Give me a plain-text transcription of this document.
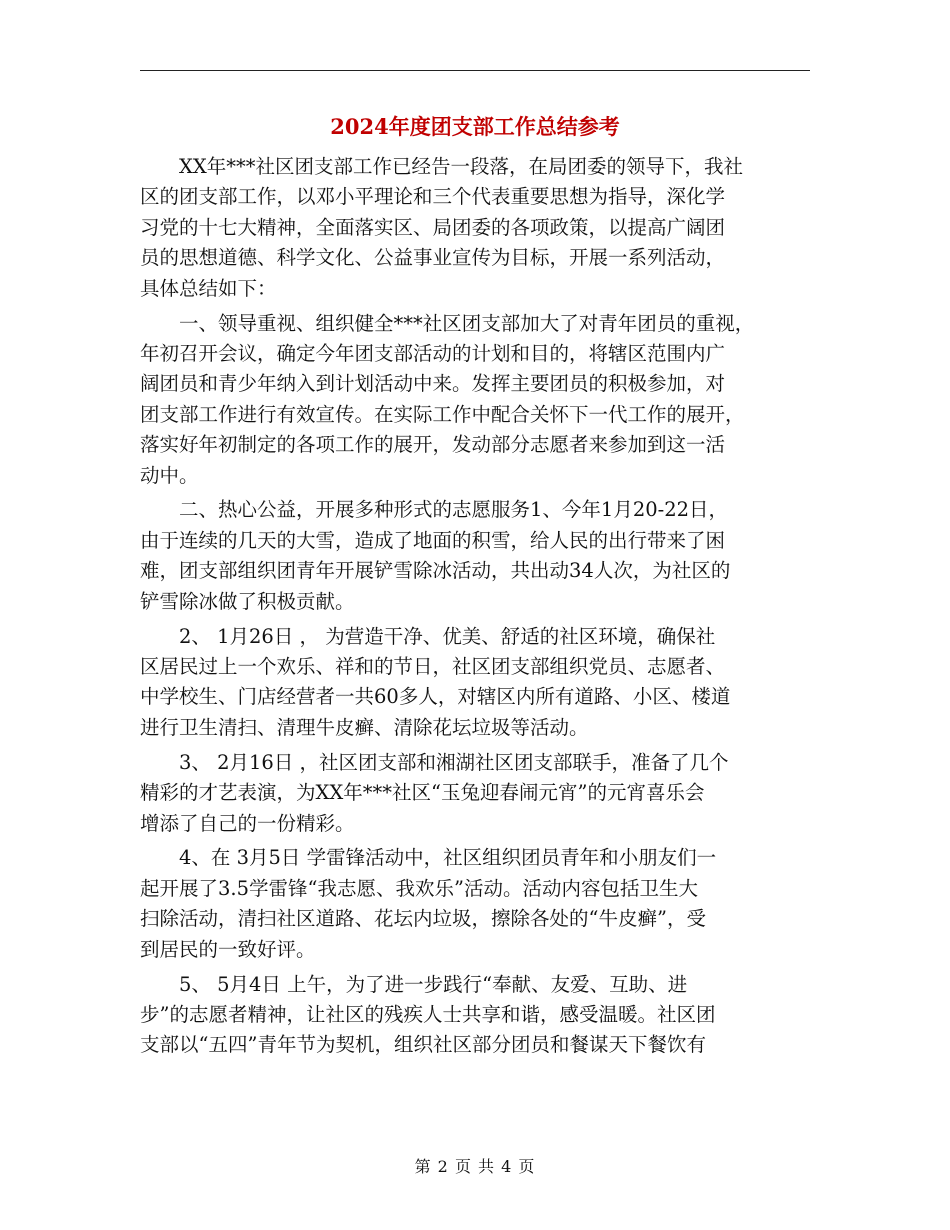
2024年度团支部工作总结参考

XX年***社区团支部工作已经告一段落，在局团委的领导下，我社
区的团支部工作，以邓小平理论和三个代表重要思想为指导，深化学
习党的十七大精神，全面落实区、局团委的各项政策，以提高广阔团
员的思想道德、科学文化、公益事业宣传为目标，开展一系列活动，
具体总结如下：

一、领导重视、组织健全***社区团支部加大了对青年团员的重视，
年初召开会议，确定今年团支部活动的计划和目的，将辖区范围内广
阔团员和青少年纳入到计划活动中来。发挥主要团员的积极参加，对
团支部工作进行有效宣传。在实际工作中配合关怀下一代工作的展开，
落实好年初制定的各项工作的展开，发动部分志愿者来参加到这一活
动中。

二、热心公益，开展多种形式的志愿服务1、今年1月20-22日，
由于连续的几天的大雪，造成了地面的积雪，给人民的出行带来了困
难，团支部组织团青年开展铲雪除冰活动，共出动34人次，为社区的
铲雪除冰做了积极贡献。

2、 1月26日 ， 为营造干净、优美、舒适的社区环境，确保社
区居民过上一个欢乐、祥和的节日，社区团支部组织党员、志愿者、
中学校生、门店经营者一共60多人，对辖区内所有道路、小区、楼道
进行卫生清扫、清理牛皮癣、清除花坛垃圾等活动。

3、 2月16日 ，社区团支部和湘湖社区团支部联手，准备了几个
精彩的才艺表演，为XX年***社区“玉兔迎春闹元宵”的元宵喜乐会
增添了自己的一份精彩。

4、在 3月5日 学雷锋活动中，社区组织团员青年和小朋友们一
起开展了3.5学雷锋“我志愿、我欢乐”活动。活动内容包括卫生大
扫除活动，清扫社区道路、花坛内垃圾，擦除各处的“牛皮癣”，受
到居民的一致好评。

5、 5月4日 上午，为了进一步践行“奉献、友爱、互助、进
步”的志愿者精神，让社区的残疾人士共享和谐，感受温暖。社区团
支部以“五四”青年节为契机，组织社区部分团员和餐谋天下餐饮有

第 2 页 共 4 页
